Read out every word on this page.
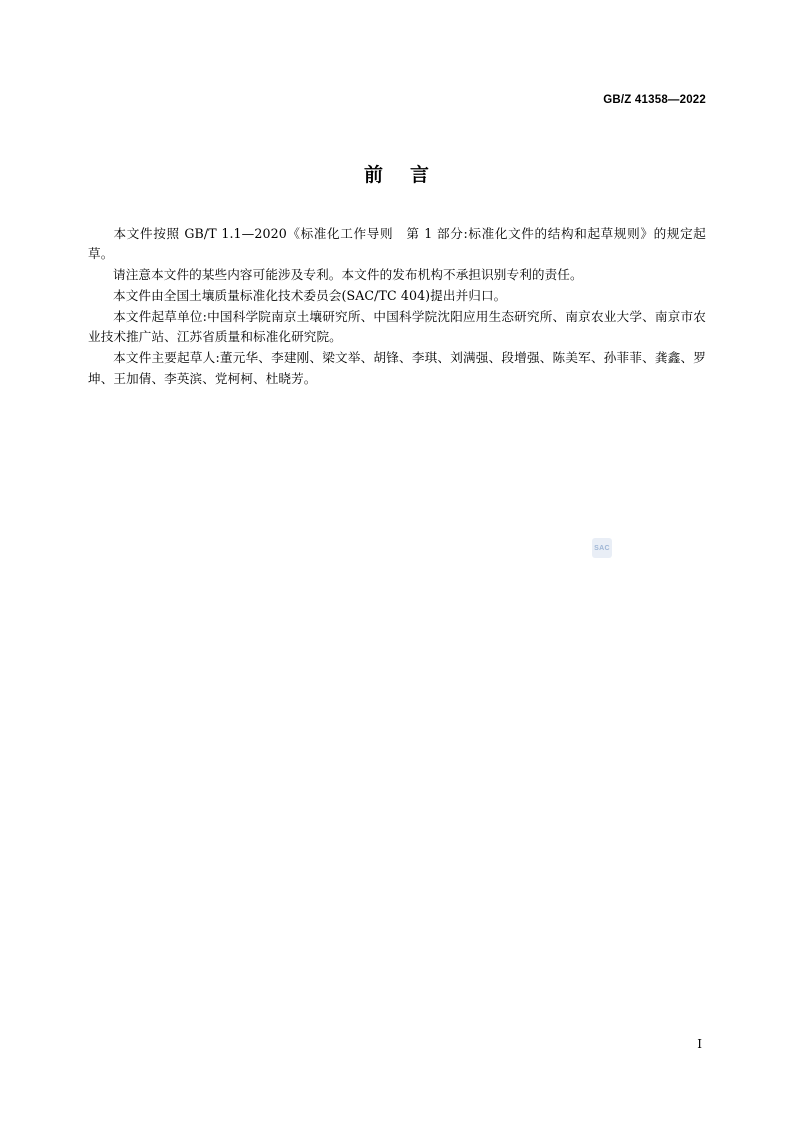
GB/Z 41358—2022
前 言

本文件按照 GB/T 1.1—2020《标准化工作导则　第 1 部分:标准化文件的结构和起草规则》的规定起草。

请注意本文件的某些内容可能涉及专利。本文件的发布机构不承担识别专利的责任。

本文件由全国土壤质量标准化技术委员会(SAC/TC 404)提出并归口。

本文件起草单位:中国科学院南京土壤研究所、中国科学院沈阳应用生态研究所、南京农业大学、南京市农业技术推广站、江苏省质量和标准化研究院。

本文件主要起草人:董元华、李建刚、梁文举、胡锋、李琪、刘满强、段增强、陈美军、孙菲菲、龚鑫、罗坤、王加倩、李英滨、党柯柯、杜晓芳。

SAC
Ⅰ
